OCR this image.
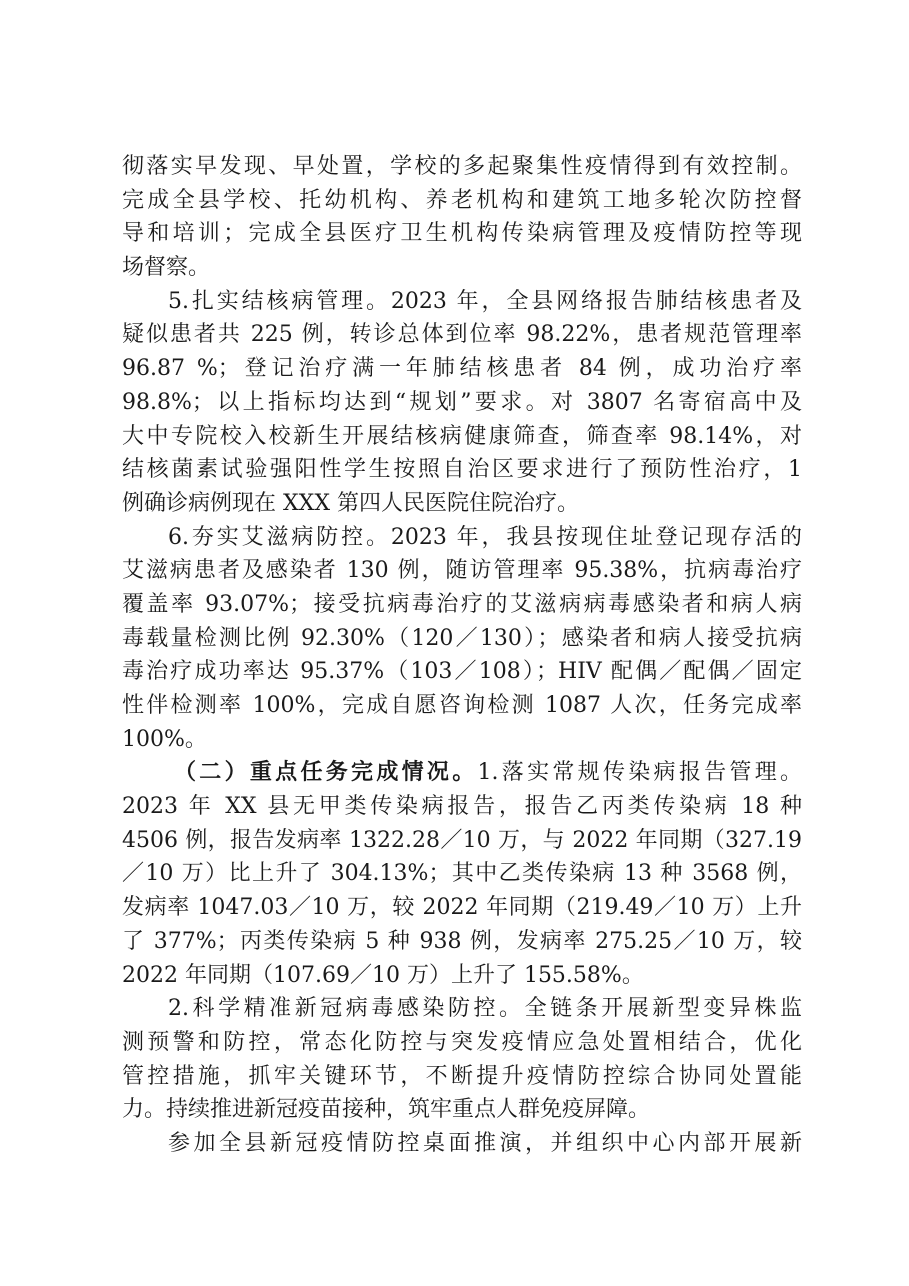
彻落实早发现、早处置，学校的多起聚集性疫情得到有效控制。
完成全县学校、托幼机构、养老机构和建筑工地多轮次防控督
导和培训；完成全县医疗卫生机构传染病管理及疫情防控等现
场督察。
5.扎实结核病管理。2023 年，全县网络报告肺结核患者及
疑似患者共 225 例，转诊总体到位率 98.22%，患者规范管理率
96.87 %；登记治疗满一年肺结核患者 84 例，成功治疗率
98.8%；以上指标均达到“规划”要求。对 3807 名寄宿高中及
大中专院校入校新生开展结核病健康筛查，筛查率 98.14%，对
结核菌素试验强阳性学生按照自治区要求进行了预防性治疗，1
例确诊病例现在 XXX 第四人民医院住院治疗。
6.夯实艾滋病防控。2023 年，我县按现住址登记现存活的
艾滋病患者及感染者 130 例，随访管理率 95.38%，抗病毒治疗
覆盖率 93.07%；接受抗病毒治疗的艾滋病病毒感染者和病人病
毒载量检测比例 92.30%（120／130）；感染者和病人接受抗病
毒治疗成功率达 95.37%（103／108）；HIV 配偶／配偶／固定
性伴检测率 100%，完成自愿咨询检测 1087 人次，任务完成率
100%。
（二）重点任务完成情况。1.落实常规传染病报告管理。
2023 年 XX 县无甲类传染病报告，报告乙丙类传染病 18 种
4506 例，报告发病率 1322.28／10 万，与 2022 年同期（327.19
／10 万）比上升了 304.13%；其中乙类传染病 13 种 3568 例，
发病率 1047.03／10 万，较 2022 年同期（219.49／10 万）上升
了 377%；丙类传染病 5 种 938 例，发病率 275.25／10 万，较
2022 年同期（107.69／10 万）上升了 155.58%。
2.科学精准新冠病毒感染防控。全链条开展新型变异株监
测预警和防控，常态化防控与突发疫情应急处置相结合，优化
管控措施，抓牢关键环节，不断提升疫情防控综合协同处置能
力。持续推进新冠疫苗接种，筑牢重点人群免疫屏障。
参加全县新冠疫情防控桌面推演，并组织中心内部开展新
